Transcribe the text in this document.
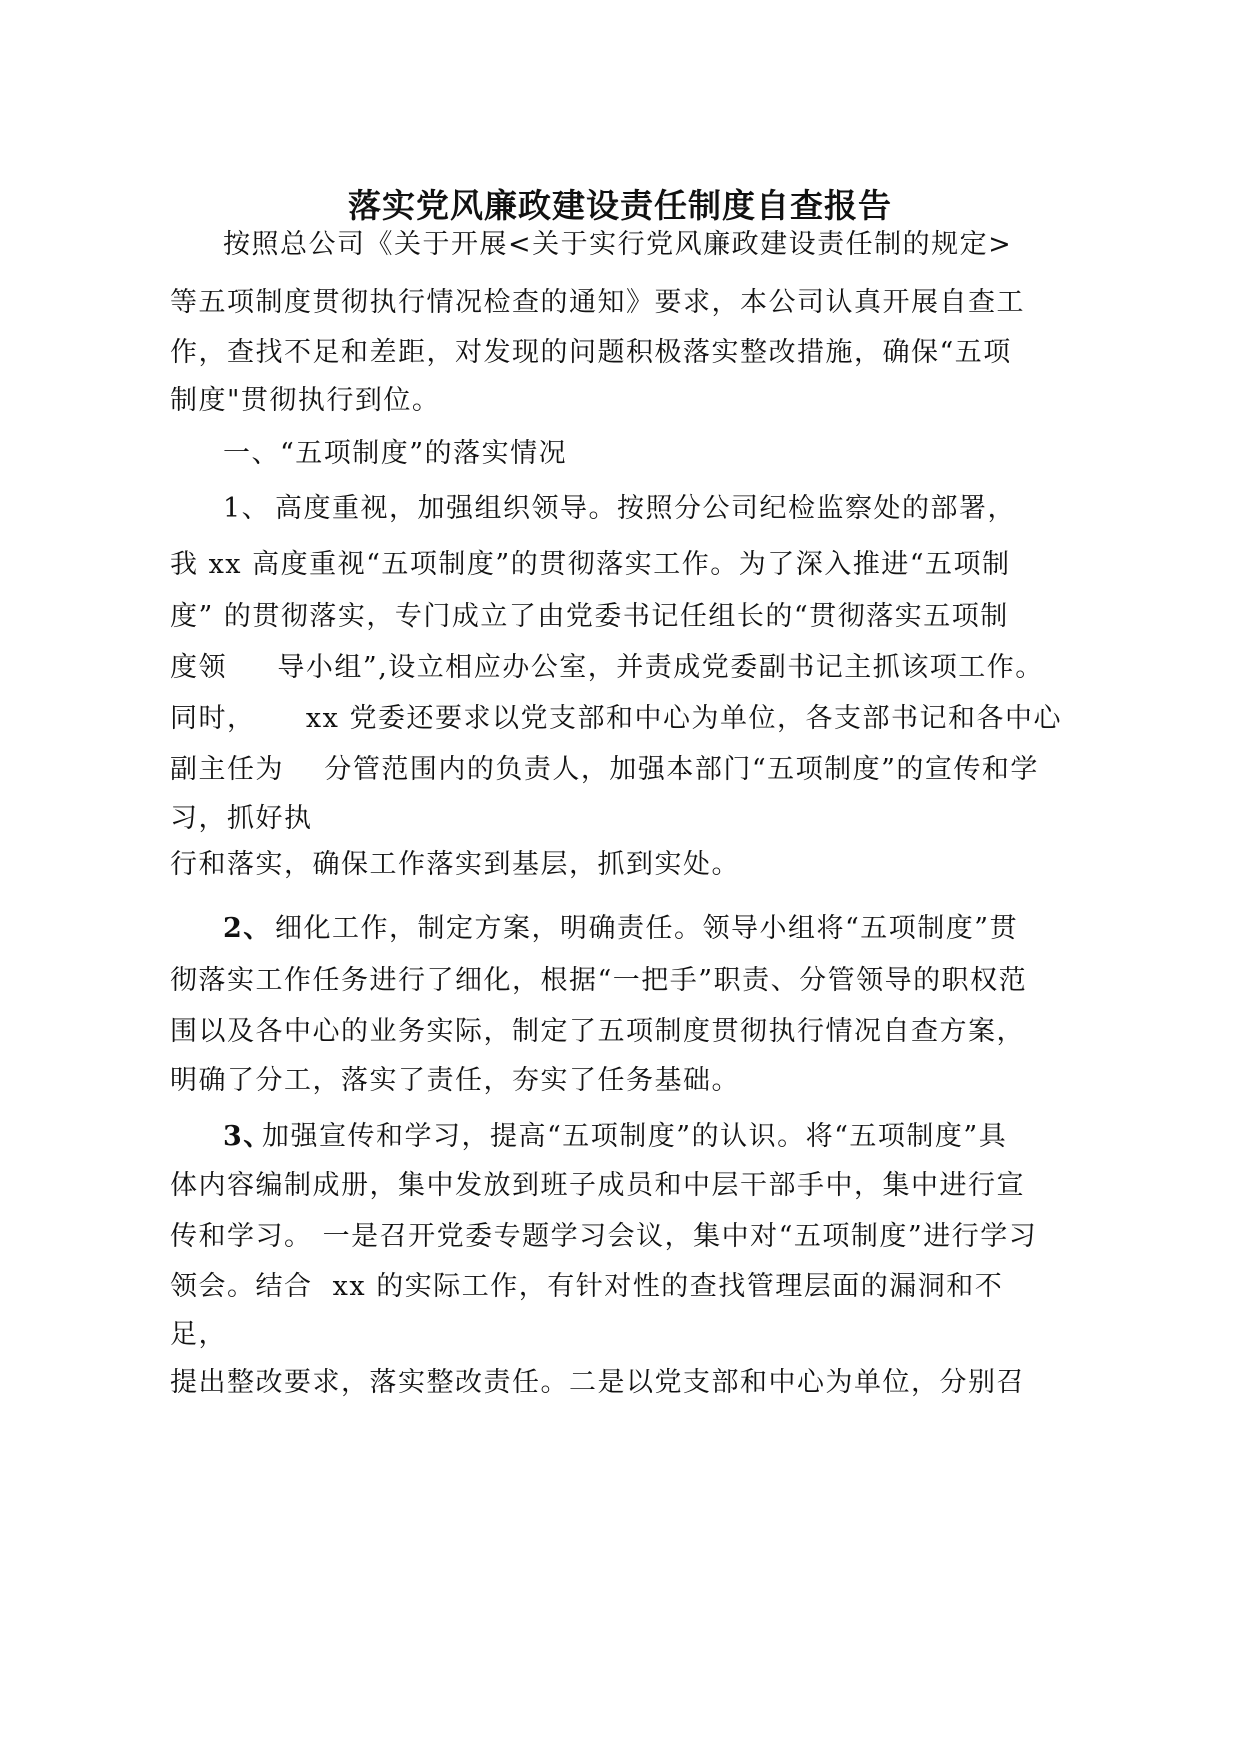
落实党风廉政建设责任制度自查报告
按照总公司《关于开展<关于实行党风廉政建设责任制的规定>
等五项制度贯彻执行情况检查的通知》要求，本公司认真开展自查工
作，查找不足和差距，对发现的问题积极落实整改措施，确保“五项
制度"贯彻执行到位。
一、“五项制度”的落实情况
1、 高度重视，加强组织领导。按照分公司纪检监察处的部署，
我 xx 高度重视“五项制度”的贯彻落实工作。为了深入推进“五项制
度” 的贯彻落实，专门成立了由党委书记任组长的“贯彻落实五项制
度领     导小组”,设立相应办公室，并责成党委副书记主抓该项工作。
同时，     xx 党委还要求以党支部和中心为单位，各支部书记和各中心
副主任为    分管范围内的负责人，加强本部门“五项制度”的宣传和学
习，抓好执
行和落实，确保工作落实到基层，抓到实处。
2、 细化工作，制定方案，明确责任。领导小组将“五项制度”贯
彻落实工作任务进行了细化，根据“一把手”职责、分管领导的职权范
围以及各中心的业务实际，制定了五项制度贯彻执行情况自查方案，
明确了分工，落实了责任，夯实了任务基础。
3、
加强宣传和学习，提高“五项制度”的认识。将“五项制度”具
体内容编制成册，集中发放到班子成员和中层干部手中，集中进行宣
传和学习。 一是召开党委专题学习会议，集中对“五项制度”进行学习
领会。结合  xx 的实际工作，有针对性的查找管理层面的漏洞和不
足，
提出整改要求，落实整改责任。二是以党支部和中心为单位，分别召
